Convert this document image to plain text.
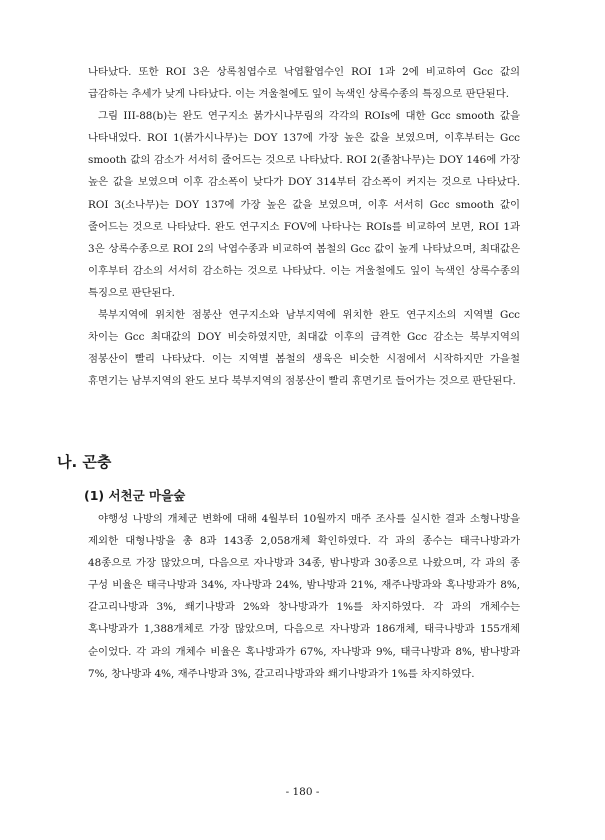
나타났다. 또한 ROI 3은 상록침엽수로 낙엽활엽수인 ROI 1과 2에 비교하여 Gcc 값의 급감하는 추세가 낮게 나타났다. 이는 겨울철에도 잎이 녹색인 상록수종의 특징으로 판단된다.

그림 III-88(b)는 완도 연구지소 붉가시나무림의 각각의 ROIs에 대한 Gcc smooth 값을 나타내었다. ROI 1(붉가시나무)는 DOY 137에 가장 높은 값을 보였으며, 이후부터는 Gcc smooth 값의 감소가 서서히 줄어드는 것으로 나타났다. ROI 2(졸참나무)는 DOY 146에 가장 높은 값을 보였으며 이후 감소폭이 낮다가 DOY 314부터 감소폭이 커지는 것으로 나타났다. ROI 3(소나무)는 DOY 137에 가장 높은 값을 보였으며, 이후 서서히 Gcc smooth 값이 줄어드는 것으로 나타났다. 완도 연구지소 FOV에 나타나는 ROIs를 비교하여 보면, ROI 1과 3은 상록수종으로 ROI 2의 낙엽수종과 비교하여 봄철의 Gcc 값이 높게 나타났으며, 최대값은 이후부터 감소의 서서히 감소하는 것으로 나타났다. 이는 겨울철에도 잎이 녹색인 상록수종의 특징으로 판단된다.

북부지역에 위치한 점봉산 연구지소와 남부지역에 위치한 완도 연구지소의 지역별 Gcc 차이는 Gcc 최대값의 DOY 비슷하였지만, 최대값 이후의 급격한 Gcc 감소는 북부지역의 점봉산이 빨리 나타났다. 이는 지역별 봄철의 생육은 비슷한 시점에서 시작하지만 가을철 휴면기는 남부지역의 완도 보다 북부지역의 점봉산이 빨리 휴면기로 들어가는 것으로 판단된다.

나. 곤충
(1) 서천군 마을숲

야행성 나방의 개체군 변화에 대해 4월부터 10월까지 매주 조사를 실시한 결과 소형나방을 제외한 대형나방을 총 8과 143종 2,058개체 확인하였다. 각 과의 종수는 태극나방과가 48종으로 가장 많았으며, 다음으로 자나방과 34종, 밤나방과 30종으로 나왔으며, 각 과의 종 구성 비율은 태극나방과 34%, 자나방과 24%, 밤나방과 21%, 재주나방과와 혹나방과가 8%, 갈고리나방과 3%, 쐐기나방과 2%와 창나방과가 1%를 차지하였다. 각 과의 개체수는 혹나방과가 1,388개체로 가장 많았으며, 다음으로 자나방과 186개체, 태극나방과 155개체 순이었다. 각 과의 개체수 비율은 혹나방과가 67%, 자나방과 9%, 태극나방과 8%, 밤나방과 7%, 창나방과 4%, 재주나방과 3%, 갈고리나방과와 쐐기나방과가 1%를 차지하였다.

- 180 -
